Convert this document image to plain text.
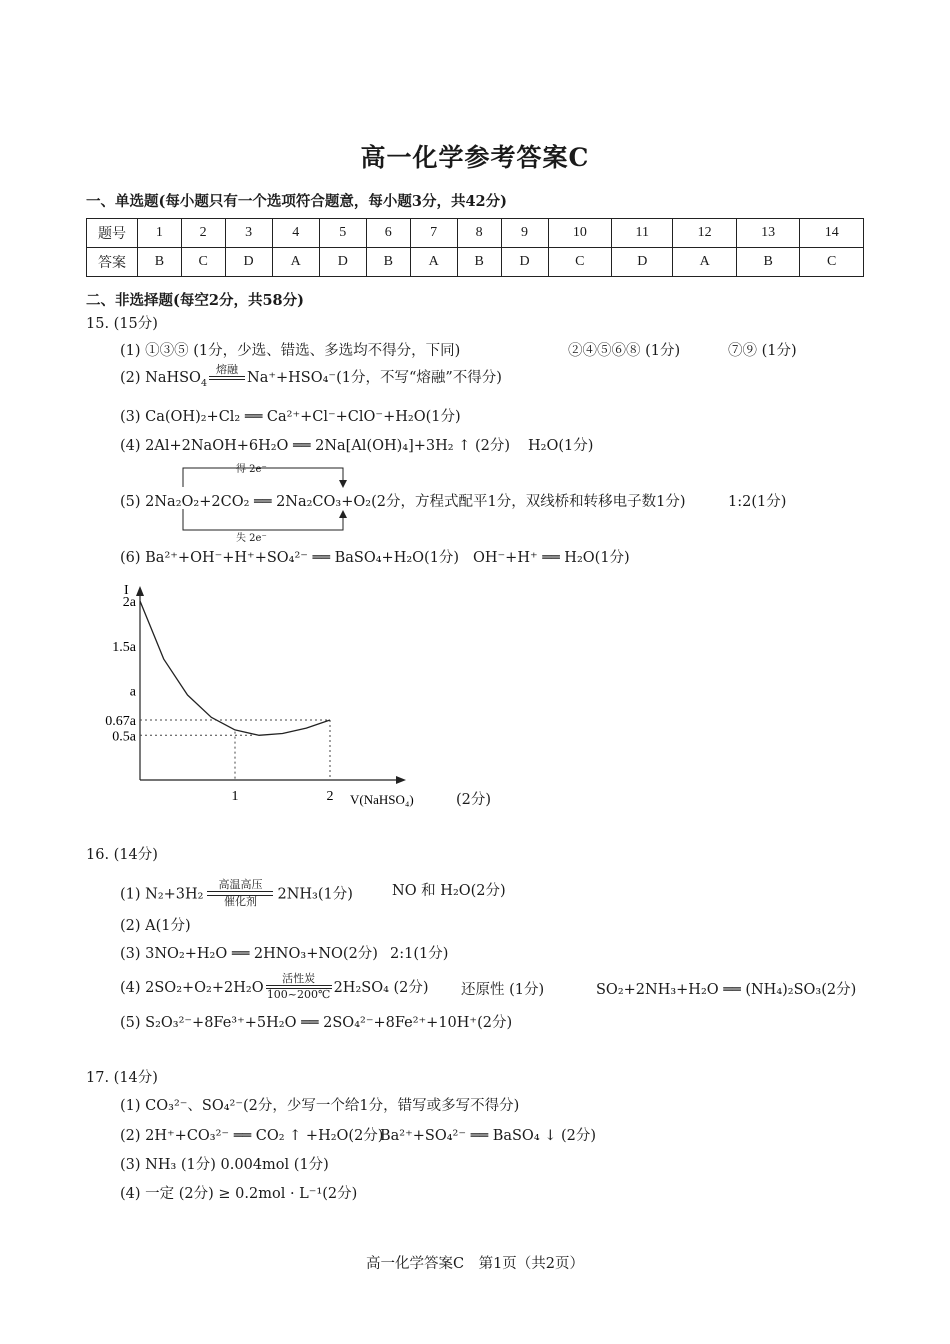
高一化学参考答案C
一、单选题(每小题只有一个选项符合题意，每小题3分，共42分)
题号	1	2	3	4	5	6	7	8	9	10	11	12	13	14
答案	B	C	D	A	D	B	A	B	D	C	D	A	B	C
二、非选择题(每空2分，共58分)
15. (15分)
(1) ①③⑤ (1分，少选、错选、多选均不得分，下同)	②④⑤⑥⑧ (1分)	⑦⑨ (1分)
(2) NaHSO$_4$
熔融
Na⁺+HSO₄⁻(1分，不写“熔融”不得分)
(3) Ca(OH)₂+Cl₂ ══ Ca²⁺+Cl⁻+ClO⁻+H₂O(1分)
(4) 2Al+2NaOH+6H₂O ══ 2Na[Al(OH)₄]+3H₂ ↑ (2分) H₂O(1分)
得 2e⁻
失 2e⁻
(5) 2Na₂O₂+2CO₂ ══ 2Na₂CO₃+O₂(2分，方程式配平1分，双线桥和转移电子数1分)	1:2(1分)
(6) Ba²⁺+OH⁻+H⁺+SO₄²⁻ ══ BaSO₄+H₂O(1分) OH⁻+H⁺ ══ H₂O(1分)
I
2a
1.5a
a
0.67a
0.5a
1	2 V(NaHSO₄)	(2分)
16. (14分)
(1) N₂+3H₂
高温高压
催化剂	2NH₃(1分)	NO 和 H₂O(2分)
(2) A(1分)
(3) 3NO₂+H₂O ══ 2HNO₃+NO(2分) 2:1(1分)
(4) 2SO₂+O₂+2H₂O
活性炭
100~200℃ 2H₂SO₄ (2分) 还原性 (1分)	SO₂+2NH₃+H₂O ══ (NH₄)₂SO₃(2分)
(5) S₂O₃²⁻+8Fe³⁺+5H₂O ══ 2SO₄²⁻+8Fe²⁺+10H⁺(2分)
17. (14分)
(1) CO₃²⁻、SO₄²⁻(2分，少写一个给1分，错写或多写不得分)
(2) 2H⁺+CO₃²⁻ ══ CO₂ ↑ +H₂O(2分)
Ba²⁺+SO₄²⁻ ══ BaSO₄ ↓ (2分)
(3) NH₃ (1分) 0.004mol (1分)
(4) 一定 (2分) ≥ 0.2mol · L⁻¹(2分)
高一化学答案C　第1页（共2页）
